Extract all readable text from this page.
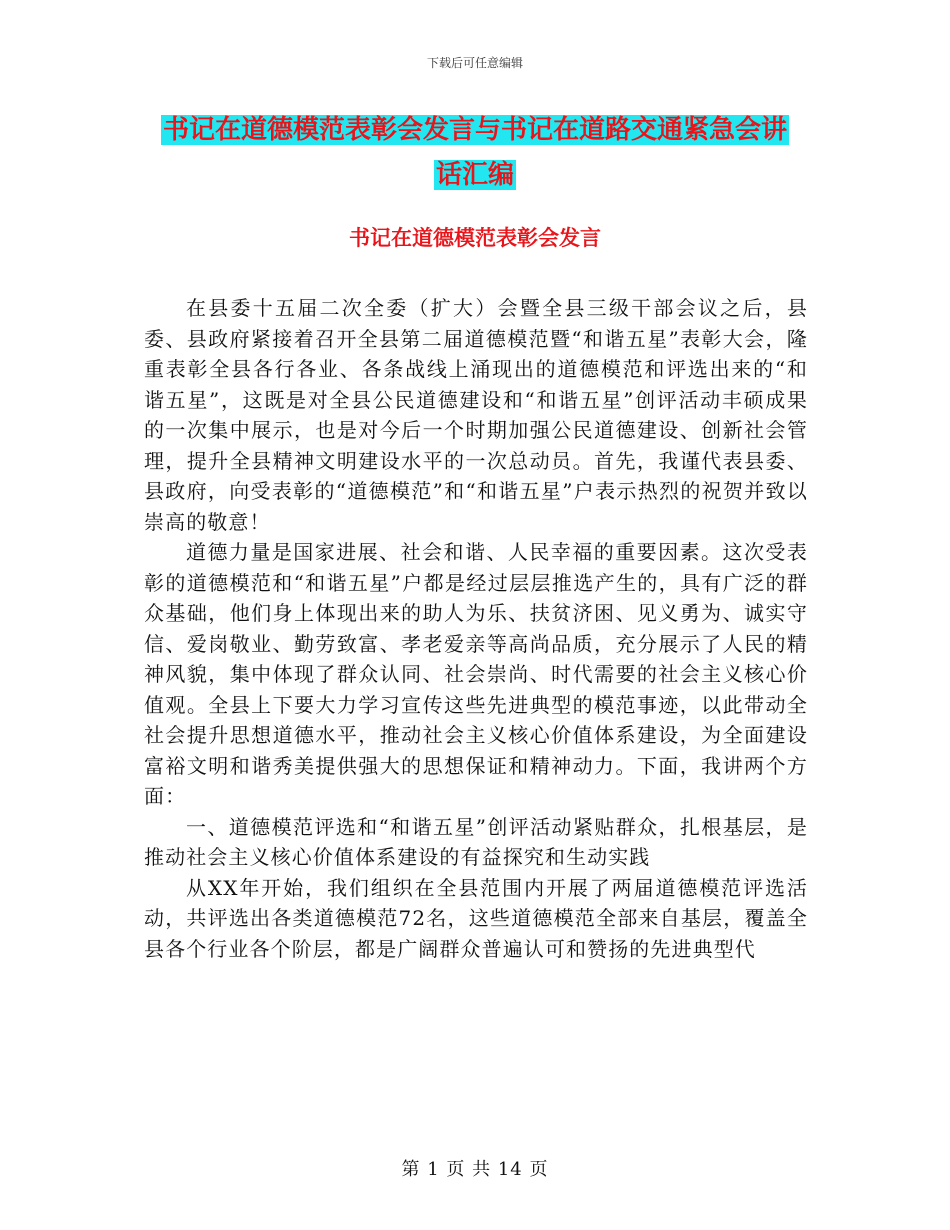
下载后可任意编辑
书记在道德模范表彰会发言与书记在道路交通紧急会讲话汇编
书记在道德模范表彰会发言

在县委十五届二次全委（扩大）会暨全县三级干部会议之后，县委、县政府紧接着召开全县第二届道德模范暨“和谐五星”表彰大会，隆重表彰全县各行各业、各条战线上涌现出的道德模范和评选出来的“和谐五星”，这既是对全县公民道德建设和“和谐五星”创评活动丰硕成果的一次集中展示，也是对今后一个时期加强公民道德建设、创新社会管理，提升全县精神文明建设水平的一次总动员。首先，我谨代表县委、县政府，向受表彰的“道德模范”和“和谐五星”户表示热烈的祝贺并致以崇高的敬意！

道德力量是国家进展、社会和谐、人民幸福的重要因素。这次受表彰的道德模范和“和谐五星”户都是经过层层推选产生的，具有广泛的群众基础，他们身上体现出来的助人为乐、扶贫济困、见义勇为、诚实守信、爱岗敬业、勤劳致富、孝老爱亲等高尚品质，充分展示了人民的精神风貌，集中体现了群众认同、社会崇尚、时代需要的社会主义核心价值观。全县上下要大力学习宣传这些先进典型的模范事迹，以此带动全社会提升思想道德水平，推动社会主义核心价值体系建设，为全面建设富裕文明和谐秀美提供强大的思想保证和精神动力。下面，我讲两个方面：

一、道德模范评选和“和谐五星”创评活动紧贴群众，扎根基层，是推动社会主义核心价值体系建设的有益探究和生动实践

从XX年开始，我们组织在全县范围内开展了两届道德模范评选活动，共评选出各类道德模范72名，这些道德模范全部来自基层，覆盖全县各个行业各个阶层，都是广阔群众普遍认可和赞扬的先进典型代

第 1 页 共 14 页
